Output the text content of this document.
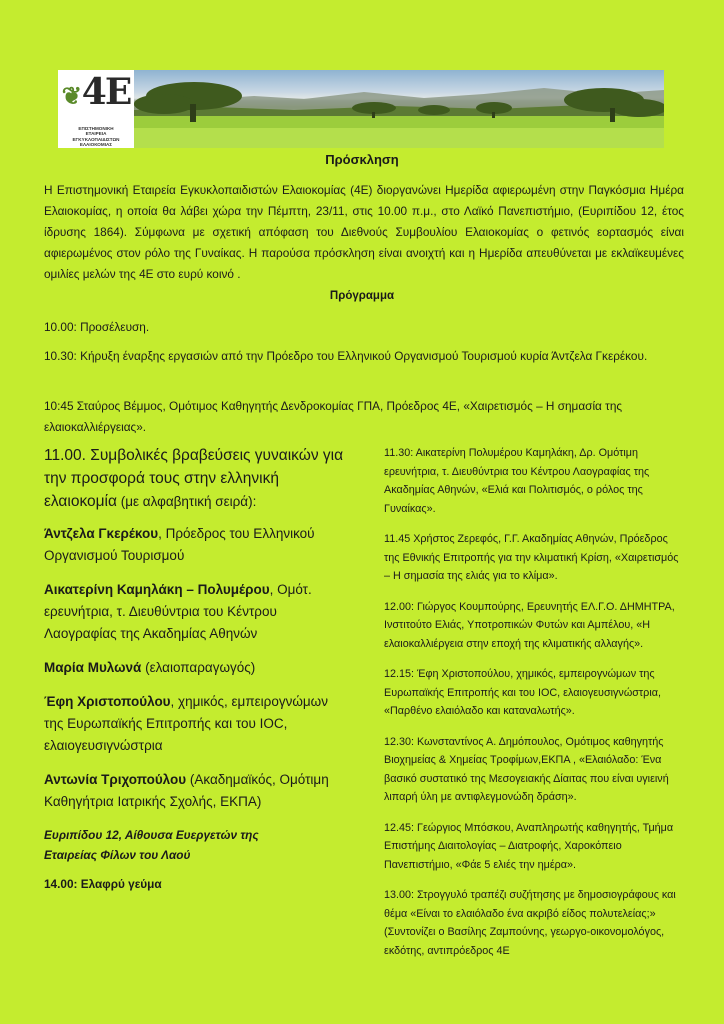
❦4E
ΕΠΙΣΤΗΜΟΝΙΚΗ
ΕΤΑΙΡΕΙΑ
ΕΓΚΥΚΛΟΠΑΙΔΙΣΤΩΝ
ΕΛΑΙΟΚΟΜΙΑΣ
Πρόσκληση

Η Επιστημονική Εταιρεία Εγκυκλοπαιδιστών Ελαιοκομίας (4Ε) διοργανώνει Ημερίδα αφιερωμένη στην Παγκόσμια Ημέρα Ελαιοκομίας, η οποία θα λάβει χώρα την Πέμπτη, 23/11, στις 10.00 π.μ., στο Λαϊκό Πανεπιστήμιο, (Ευριπίδου 12, έτος ίδρυσης 1864). Σύμφωνα με σχετική απόφαση του Διεθνούς Συμβουλίου Ελαιοκομίας ο φετινός εορτασμός είναι αφιερωμένος στον ρόλο της Γυναίκας. Η παρούσα πρόσκληση είναι ανοιχτή και η Ημερίδα απευθύνεται με εκλαϊκευμένες ομιλίες μελών της 4Ε στο ευρύ κοινό .

Πρόγραμμα

10.00: Προσέλευση.

10.30: Κήρυξη έναρξης εργασιών από την Πρόεδρο του Ελληνικού Οργανισμού Τουρισμού κυρία Άντζελα Γκερέκου.

10:45 Σταύρος Βέμμος, Ομότιμος Καθηγητής Δενδροκομίας ΓΠΑ, Πρόεδρος 4Ε, «Χαιρετισμός – Η σημασία της ελαιοκαλλιέργειας».

11.00. Συμβολικές βραβεύσεις γυναικών για την προσφορά τους στην ελληνική ελαιοκομία (με αλφαβητική σειρά):
Άντζελα Γκερέκου, Πρόεδρος του Ελληνικού Οργανισμού Τουρισμού
Αικατερίνη Καμηλάκη – Πολυμέρου, Ομότ. ερευνήτρια, τ. Διευθύντρια του Κέντρου Λαογραφίας της Ακαδημίας Αθηνών
Μαρία Μυλωνά (ελαιοπαραγωγός)
Έφη Χριστοπούλου, χημικός, εμπειρογνώμων της Ευρωπαϊκής Επιτροπής και του IOC, ελαιογευσιγνώστρια
Αντωνία Τριχοπούλου (Ακαδημαϊκός, Ομότιμη Καθηγήτρια Ιατρικής Σχολής, ΕΚΠΑ)
Ευριπίδου 12, Αίθουσα Ευεργετών της
Εταιρείας Φίλων του Λαού
14.00: Ελαφρύ γεύμα

11.30: Αικατερίνη Πολυμέρου Καμηλάκη, Δρ. Ομότιμη ερευνήτρια, τ. Διευθύντρια του Κέντρου Λαογραφίας της Ακαδημίας Αθηνών, «Ελιά και Πολιτισμός, ο ρόλος της Γυναίκας».

11.45 Χρήστος Ζερεφός, Γ.Γ. Ακαδημίας Αθηνών, Πρόεδρος της Εθνικής Επιτροπής για την κλιματική Κρίση, «Χαιρετισμός – Η σημασία της ελιάς για το κλίμα».

12.00: Γιώργος Κουμπούρης, Ερευνητής ΕΛ.Γ.Ο. ΔΗΜΗΤΡΑ, Ινστιτούτο Ελιάς, Υποτροπικών Φυτών και Αμπέλου, «Η ελαιοκαλλιέργεια στην εποχή της κλιματικής αλλαγής».

12.15: Έφη Χριστοπούλου, χημικός, εμπειρογνώμων της Ευρωπαϊκής Επιτροπής και του IOC, ελαιογευσιγνώστρια, «Παρθένο ελαιόλαδο και καταναλωτής».

12.30: Κωνσταντίνος Α. Δημόπουλος, Ομότιμος καθηγητής Βιοχημείας & Χημείας Τροφίμων,ΕΚΠΑ , «Ελαιόλαδο: Ένα βασικό συστατικό της Μεσογειακής Δίαιτας που είναι υγιεινή λιπαρή ύλη με αντιφλεγμονώδη δράση».

12.45: Γεώργιος Μπόσκου, Αναπληρωτής καθηγητής, Τμήμα Επιστήμης Διαιτολογίας – Διατροφής, Χαροκόπειο Πανεπιστήμιο, «Φάε 5 ελιές την ημέρα».

13.00: Στρογγυλό τραπέζι συζήτησης με δημοσιογράφους και θέμα «Είναι το ελαιόλαδο ένα ακριβό είδος πολυτελείας;» (Συντονίζει ο Βασίλης Ζαμπούνης, γεωργο-οικονομολόγος, εκδότης, αντιπρόεδρος 4Ε
